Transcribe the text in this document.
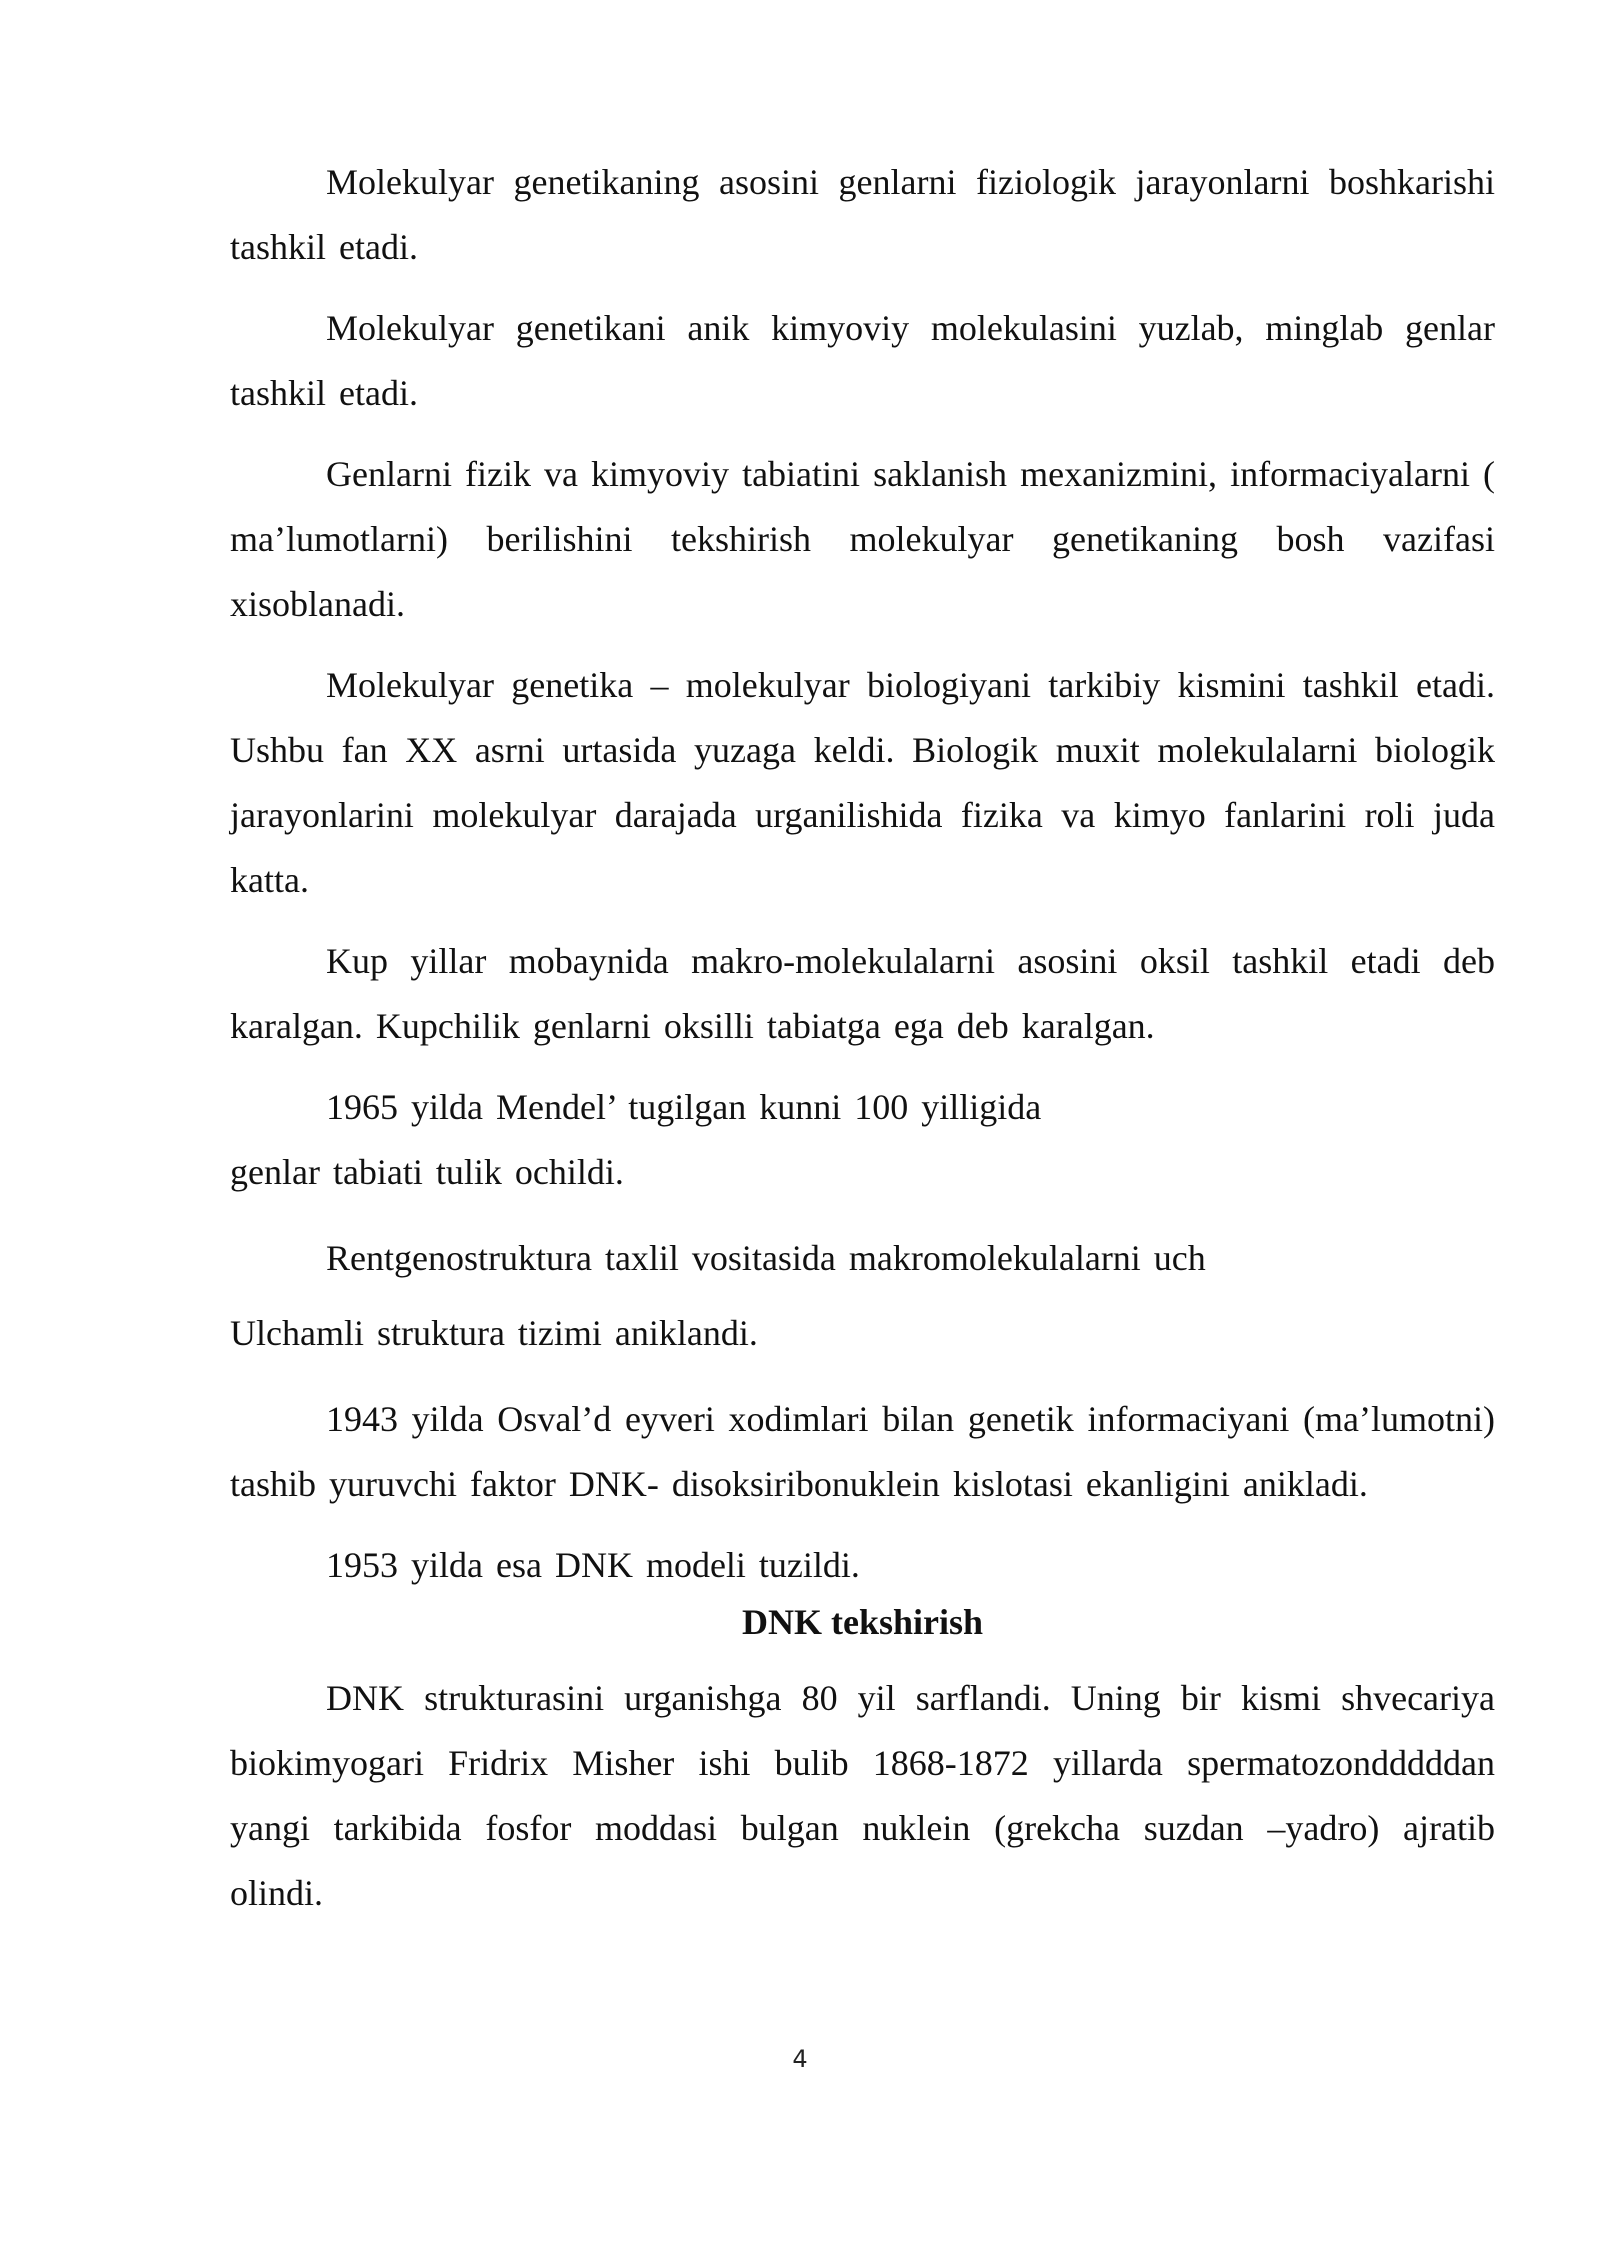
Molekulyar genetikaning asosini genlarni fiziologik jarayonlarni boshkarishi tashkil etadi.

Molekulyar genetikani anik kimyoviy molekulasini yuzlab, minglab genlar tashkil etadi.

Genlarni fizik va kimyoviy tabiatini saklanish mexanizmini, informaciyalarni ( ma’lumotlarni) berilishini tekshirish molekulyar genetikaning bosh vazifasi xisoblanadi.

Molekulyar genetika – molekulyar biologiyani tarkibiy kismini tashkil etadi. Ushbu fan XX asrni urtasida yuzaga keldi. Biologik muxit molekulalarni biologik jarayonlarini molekulyar darajada urganilishida fizika va kimyo fanlarini roli juda katta.

Kup yillar mobaynida makro-molekulalarni asosini oksil tashkil etadi deb karalgan. Kupchilik genlarni oksilli tabiatga ega deb karalgan.

1965 yilda Mendel’ tugilgan kunni 100 yilligida
genlar tabiati tulik ochildi.

Rentgenostruktura taxlil vositasida makromolekulalarni uch
Ulchamli struktura tizimi aniklandi.

1943 yilda Osval’d eyveri xodimlari bilan genetik informaciyani (ma’lumotni) tashib yuruvchi faktor DNK- disoksiribonuklein kislotasi ekanligini anikladi.

1953 yilda esa DNK modeli tuzildi.

DNK tekshirish

DNK strukturasini urganishga 80 yil sarflandi. Uning bir kismi shvecariya biokimyogari Fridrix Misher ishi bulib 1868-1872 yillarda spermatozondddddan yangi tarkibida fosfor moddasi bulgan nuklein (grekcha suzdan –yadro) ajratib olindi.

4
